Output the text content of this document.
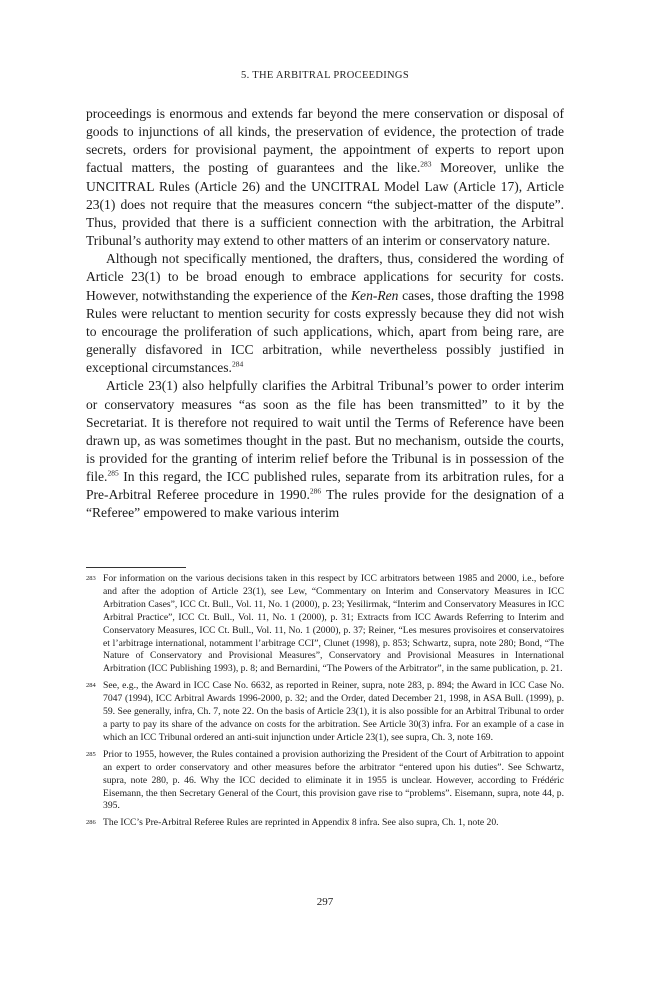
5. THE ARBITRAL PROCEEDINGS

proceedings is enormous and extends far beyond the mere conservation or disposal of goods to injunctions of all kinds, the preservation of evidence, the protection of trade secrets, orders for provisional payment, the appointment of experts to report upon factual matters, the posting of guarantees and the like.$^{283}$ Moreover, unlike the UNCITRAL Rules (Article 26) and the UNCITRAL Model Law (Article 17), Article 23(1) does not require that the measures concern “the subject-matter of the dispute”. Thus, provided that there is a sufficient connection with the arbitration, the Arbitral Tribunal’s authority may extend to other matters of an interim or conservatory nature.

Although not specifically mentioned, the drafters, thus, considered the wording of Article 23(1) to be broad enough to embrace applications for security for costs. However, notwithstanding the experience of the Ken-Ren cases, those drafting the 1998 Rules were reluctant to mention security for costs expressly because they did not wish to encourage the proliferation of such applications, which, apart from being rare, are generally disfavored in ICC arbitration, while nevertheless possibly justified in exceptional circumstances.$^{284}$

Article 23(1) also helpfully clarifies the Arbitral Tribunal’s power to order interim or conservatory measures “as soon as the file has been transmitted” to it by the Secretariat. It is therefore not required to wait until the Terms of Reference have been drawn up, as was sometimes thought in the past. But no mechanism, outside the courts, is provided for the granting of interim relief before the Tribunal is in possession of the file.$^{285}$ In this regard, the ICC published rules, separate from its arbitration rules, for a Pre-Arbitral Referee procedure in 1990.$^{286}$ The rules provide for the designation of a “Referee” empowered to make various interim

283 For information on the various decisions taken in this respect by ICC arbitrators between 1985 and 2000, i.e., before and after the adoption of Article 23(1), see Lew, “Commentary on Interim and Conservatory Measures in ICC Arbitration Cases”, ICC Ct. Bull., Vol. 11, No. 1 (2000), p. 23; Yesilirmak, “Interim and Conservatory Measures in ICC Arbitral Practice”, ICC Ct. Bull., Vol. 11, No. 1 (2000), p. 31; Extracts from ICC Awards Referring to Interim and Conservatory Measures, ICC Ct. Bull., Vol. 11, No. 1 (2000), p. 37; Reiner, “Les mesures provisoires et conservatoires et l’arbitrage international, notamment l’arbitrage CCI”, Clunet (1998), p. 853; Schwartz, supra, note 280; Bond, “The Nature of Conservatory and Provisional Measures”, Conservatory and Provisional Measures in International Arbitration (ICC Publishing 1993), p. 8; and Bernardini, “The Powers of the Arbitrator”, in the same publication, p. 21.
284 See, e.g., the Award in ICC Case No. 6632, as reported in Reiner, supra, note 283, p. 894; the Award in ICC Case No. 7047 (1994), ICC Arbitral Awards 1996-2000, p. 32; and the Order, dated December 21, 1998, in ASA Bull. (1999), p. 59. See generally, infra, Ch. 7, note 22. On the basis of Article 23(1), it is also possible for an Arbitral Tribunal to order a party to pay its share of the advance on costs for the arbitration. See Article 30(3) infra. For an example of a case in which an ICC Tribunal ordered an anti-suit injunction under Article 23(1), see supra, Ch. 3, note 169.
285 Prior to 1955, however, the Rules contained a provision authorizing the President of the Court of Arbitration to appoint an expert to order conservatory and other measures before the arbitrator “entered upon his duties”. See Schwartz, supra, note 280, p. 46. Why the ICC decided to eliminate it in 1955 is unclear. However, according to Frédéric Eisemann, the then Secretary General of the Court, this provision gave rise to “problems”. Eisemann, supra, note 44, p. 395.
286 The ICC’s Pre-Arbitral Referee Rules are reprinted in Appendix 8 infra. See also supra, Ch. 1, note 20.
297
